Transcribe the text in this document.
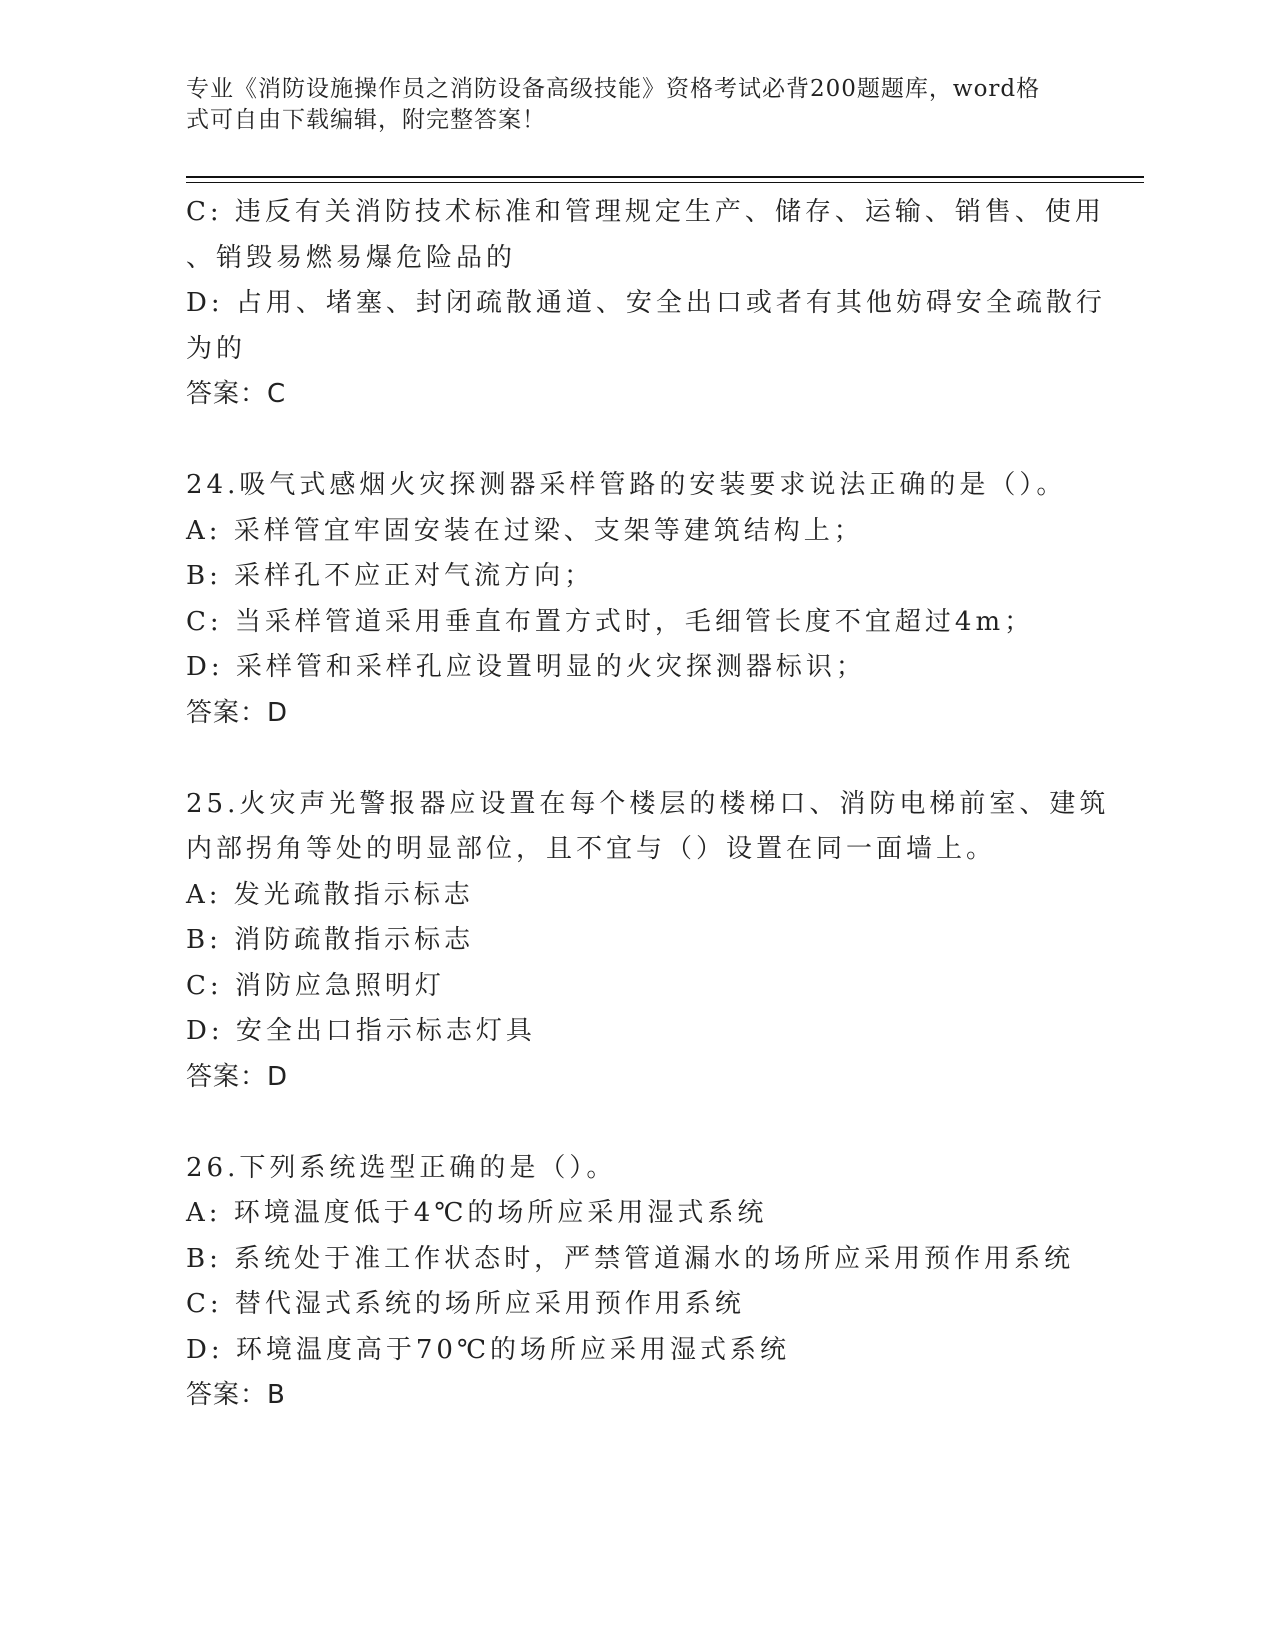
专业《消防设施操作员之消防设备高级技能》资格考试必背200题题库，word格
式可自由下载编辑，附完整答案！
C: 违反有关消防技术标准和管理规定生产、储存、运输、销售、使用
、销毁易燃易爆危险品的
D: 占用、堵塞、封闭疏散通道、安全出口或者有其他妨碍安全疏散行
为的
答案：C
24.吸气式感烟火灾探测器采样管路的安装要求说法正确的是（）。
A: 采样管宜牢固安装在过梁、支架等建筑结构上；
B: 采样孔不应正对气流方向；
C: 当采样管道采用垂直布置方式时，毛细管长度不宜超过4m；
D: 采样管和采样孔应设置明显的火灾探测器标识；
答案：D
25.火灾声光警报器应设置在每个楼层的楼梯口、消防电梯前室、建筑
内部拐角等处的明显部位，且不宜与（）设置在同一面墙上。
A: 发光疏散指示标志
B: 消防疏散指示标志
C: 消防应急照明灯
D: 安全出口指示标志灯具
答案：D
26.下列系统选型正确的是（）。
A: 环境温度低于4℃的场所应采用湿式系统
B: 系统处于准工作状态时，严禁管道漏水的场所应采用预作用系统
C: 替代湿式系统的场所应采用预作用系统
D: 环境温度高于70℃的场所应采用湿式系统
答案：B
